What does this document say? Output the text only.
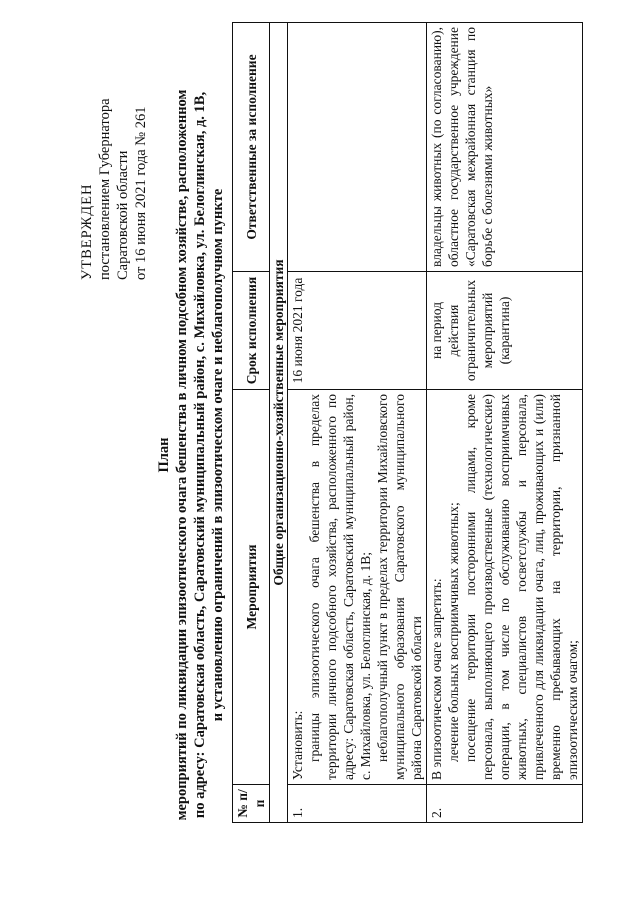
УТВЕРЖДЕН постановлением Губернатора Саратовской области от 16 июня 2021 года № 261
План мероприятий по ликвидации эпизоотического очага бешенства в личном подсобном хозяйстве, расположенном по адресу: Саратовская область, Саратовский муниципальный район, с. Михайловка, ул. Белоглинская, д. 1В, и установлению ограничений в эпизоотическом очаге и неблагополучном пункте
№ п/п	Мероприятия	Срок исполнения	Ответственные за исполнение
Общие организационно-хозяйственные мероприятия			
1.	Установить: границы эпизоотического очага бешенства в пределах территории личного подсобного хозяйства, расположенного по адресу: Саратовская область, Саратовский муниципальный район, с. Михайловка, ул. Белоглинская, д. 1В; неблагополучный пункт в пределах территории Михайловского муниципального образования Саратовского муниципального района Саратовской области	16 июня 2021 года	
2.	В эпизоотическом очаге запретить: лечение больных восприимчивых животных; посещение территории посторонними лицами, кроме персонала, выполняющего производственные (технологические) операции, в том числе по обслуживанию восприимчивых животных, специалистов госветслужбы и персонала, привлеченного для ликвидации очага, лиц, проживающих и (или) временно пребывающих на территории, признанной эпизоотическим очагом;	на период действия ограничительных мероприятий (карантина)	владельцы животных (по согласованию), областное государственное учреждение «Саратовская межрайонная станция по борьбе с болезнями животных»
